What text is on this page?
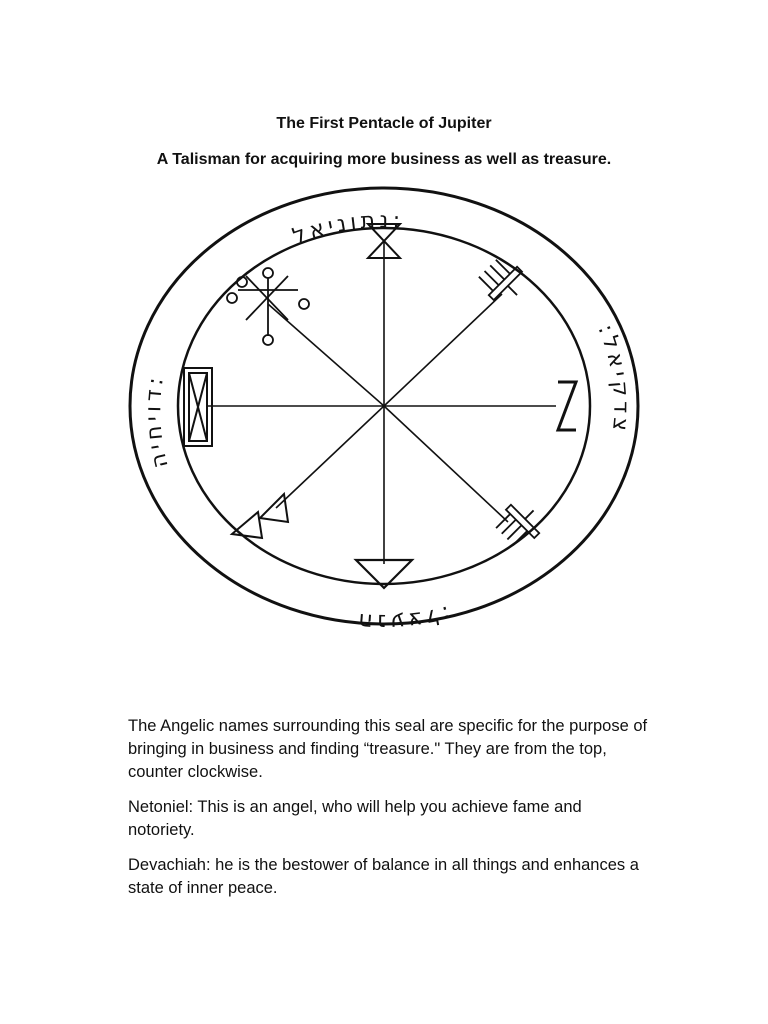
The First Pentacle of Jupiter
A Talisman for acquiring more business as well as treasure.
נתוניאל:
:צדקיאל
:הנעצל
דויחיה:

The Angelic names surrounding this seal are specific for the purpose of bringing in business and finding “treasure." They are from the top, counter clockwise.

Netoniel: This is an angel, who will help you achieve fame and notoriety.

Devachiah: he is the bestower of balance in all things and enhances a state of inner peace.
